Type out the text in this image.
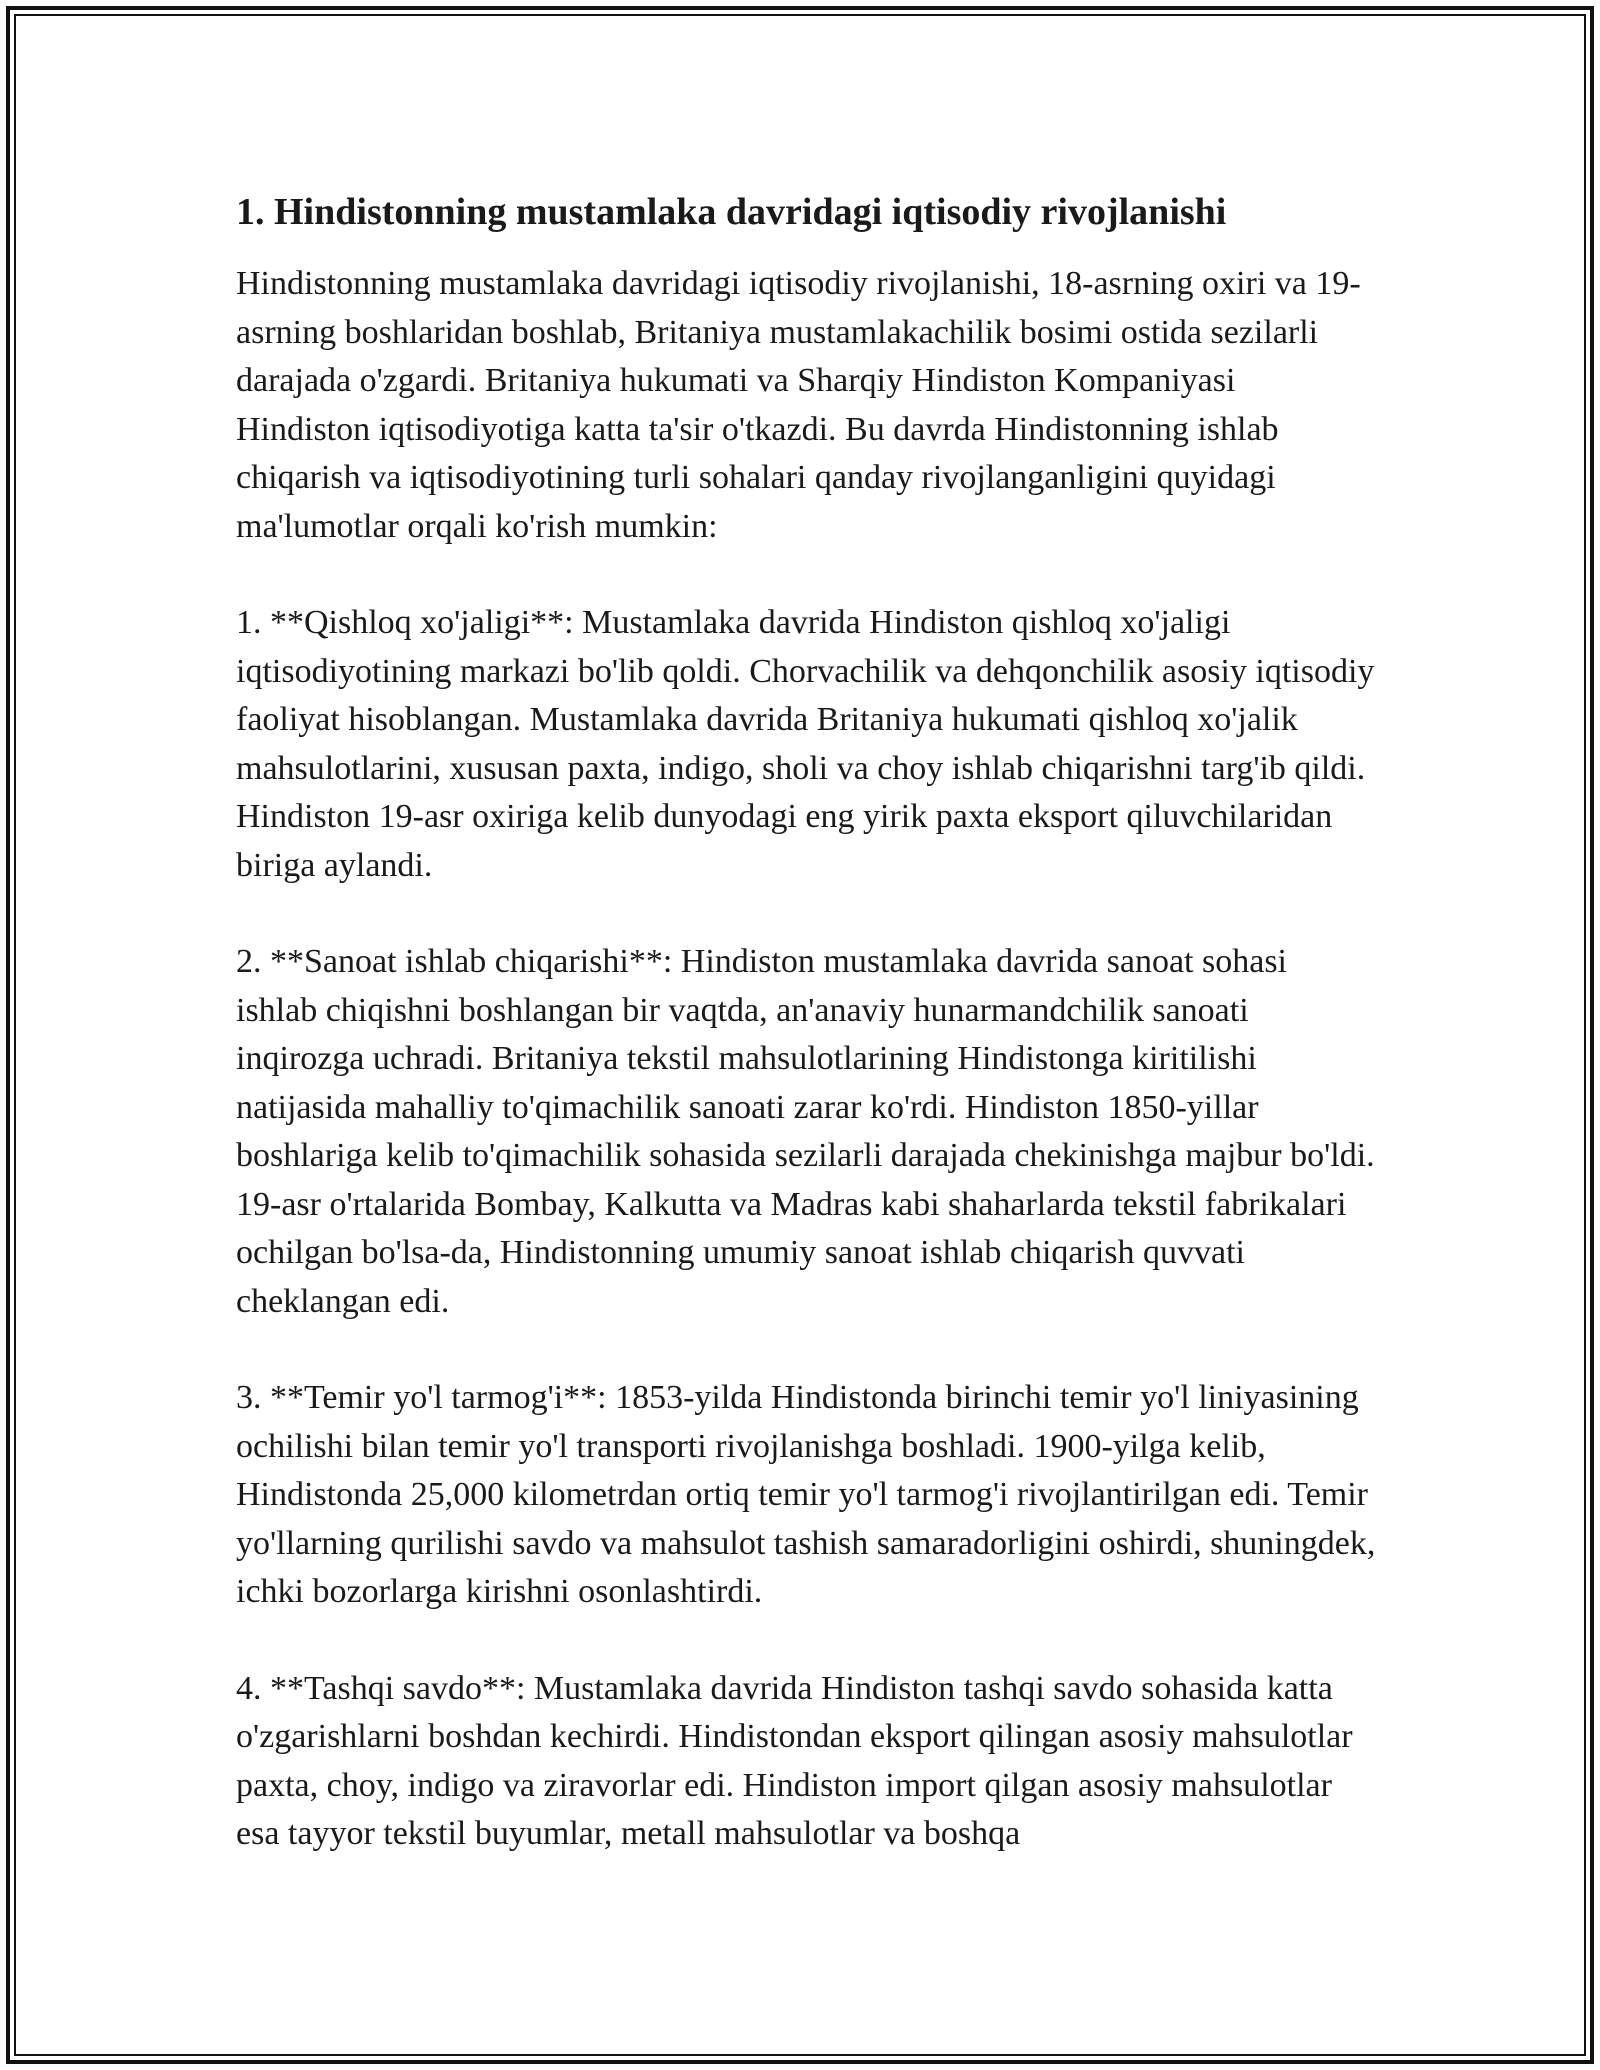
1. Hindistonning mustamlaka davridagi iqtisodiy rivojlanishi

Hindistonning mustamlaka davridagi iqtisodiy rivojlanishi, 18-asrning oxiri va 19-asrning boshlaridan boshlab, Britaniya mustamlakachilik bosimi ostida sezilarli darajada o'zgardi. Britaniya hukumati va Sharqiy Hindiston Kompaniyasi Hindiston iqtisodiyotiga katta ta'sir o'tkazdi. Bu davrda Hindistonning ishlab chiqarish va iqtisodiyotining turli sohalari qanday rivojlanganligini quyidagi ma'lumotlar orqali ko'rish mumkin:

1. **Qishloq xo'jaligi**: Mustamlaka davrida Hindiston qishloq xo'jaligi iqtisodiyotining markazi bo'lib qoldi. Chorvachilik va dehqonchilik asosiy iqtisodiy faoliyat hisoblangan. Mustamlaka davrida Britaniya hukumati qishloq xo'jalik mahsulotlarini, xususan paxta, indigo, sholi va choy ishlab chiqarishni targ'ib qildi. Hindiston 19-asr oxiriga kelib dunyodagi eng yirik paxta eksport qiluvchilaridan biriga aylandi.

2. **Sanoat ishlab chiqarishi**: Hindiston mustamlaka davrida sanoat sohasi ishlab chiqishni boshlangan bir vaqtda, an'anaviy hunarmandchilik sanoati inqirozga uchradi. Britaniya tekstil mahsulotlarining Hindistonga kiritilishi natijasida mahalliy to'qimachilik sanoati zarar ko'rdi. Hindiston 1850-yillar boshlariga kelib to'qimachilik sohasida sezilarli darajada chekinishga majbur bo'ldi. 19-asr o'rtalarida Bombay, Kalkutta va Madras kabi shaharlarda tekstil fabrikalari ochilgan bo'lsa-da, Hindistonning umumiy sanoat ishlab chiqarish quvvati cheklangan edi.

3. **Temir yo'l tarmog'i**: 1853-yilda Hindistonda birinchi temir yo'l liniyasining ochilishi bilan temir yo'l transporti rivojlanishga boshladi. 1900-yilga kelib, Hindistonda 25,000 kilometrdan ortiq temir yo'l tarmog'i rivojlantirilgan edi. Temir yo'llarning qurilishi savdo va mahsulot tashish samaradorligini oshirdi, shuningdek, ichki bozorlarga kirishni osonlashtirdi.

4. **Tashqi savdo**: Mustamlaka davrida Hindiston tashqi savdo sohasida katta o'zgarishlarni boshdan kechirdi. Hindistondan eksport qilingan asosiy mahsulotlar paxta, choy, indigo va ziravorlar edi. Hindiston import qilgan asosiy mahsulotlar esa tayyor tekstil buyumlar, metall mahsulotlar va boshqa
